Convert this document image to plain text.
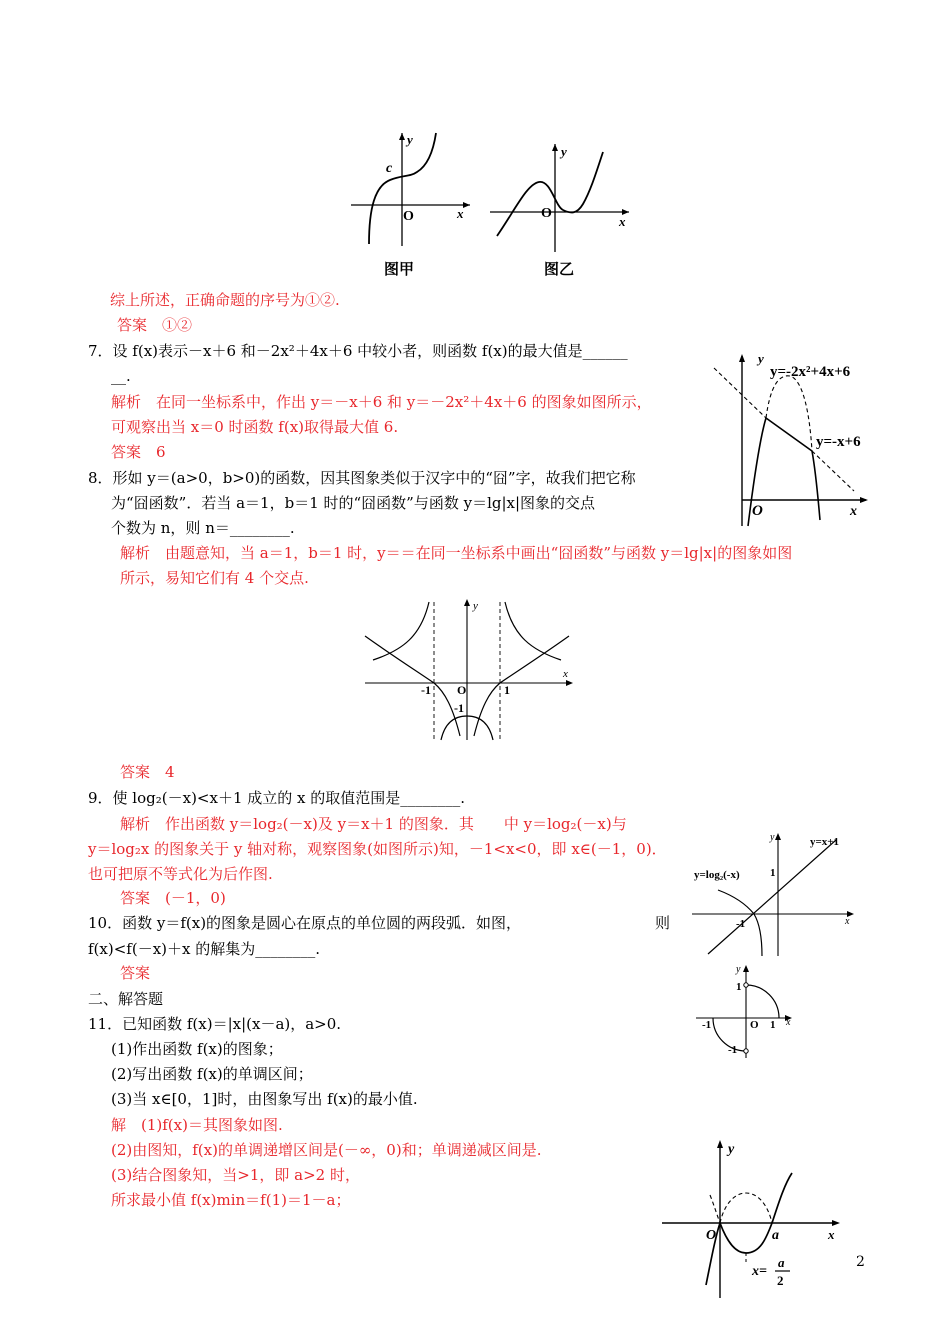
y
x
O
c
图甲
y
x
O
图乙
综上所述，正确命题的序号为①②.
答案　①②
7．设 f(x)表示－x＋6 和－2x²＋4x＋6 中较小者，则函数 f(x)的最大值是______
__.
解析　在同一坐标系中，作出 y＝－x＋6 和 y＝－2x²＋4x＋6 的图象如图所示，
可观察出当 x＝0 时函数 f(x)取得最大值 6.
答案　6
y
y=-2x²+4x+6
y=-x+6
O	x
8．形如 y＝(a>0，b>0)的函数，因其图象类似于汉字中的“囧”字，故我们把它称
为“囧函数”．若当 a＝1，b＝1 时的“囧函数”与函数 y＝lg|x|图象的交点
个数为 n，则 n＝________.
解析　由题意知，当 a＝1，b＝1 时，y＝＝在同一坐标系中画出“囧函数”与函数 y＝lg|x|的图象如图
所示，易知它们有 4 个交点.
y
x
-1 O	1
-1
答案　4
9．使 log₂(－x)<x＋1 成立的 x 的取值范围是________.
解析　作出函数 y＝log₂(－x)及 y＝x＋1 的图象．其　　中 y＝log₂(－x)与
y＝log₂x 的图象关于 y 轴对称，观察图象(如图所示)知，－1<x<0，即 x∈(－1，0)．
也可把原不等式化为后作图.
答案　(－1，0)
y
x
y=x+1
y=log₂(-x)	1
-1
10．函数 y＝f(x)的图象是圆心在原点的单位圆的两段弧．如图，	则
f(x)<f(－x)＋x 的解集为________.
答案
二、解答题
y
x
1
-1	O 1
-1
11．已知函数 f(x)＝|x|(x－a)，a>0.
(1)作出函数 f(x)的图象；
(2)写出函数 f(x)的单调区间；
(3)当 x∈[0，1]时，由图象写出 f(x)的最小值.
解　(1)f(x)＝其图象如图.
(2)由图知，f(x)的单调递增区间是(－∞，0)和；单调递减区间是.
(3)结合图象知，当>1，即 a>2 时，
所求最小值 f(x)min＝f(1)＝1－a；
y
x
O	a
x=
a
2
2
